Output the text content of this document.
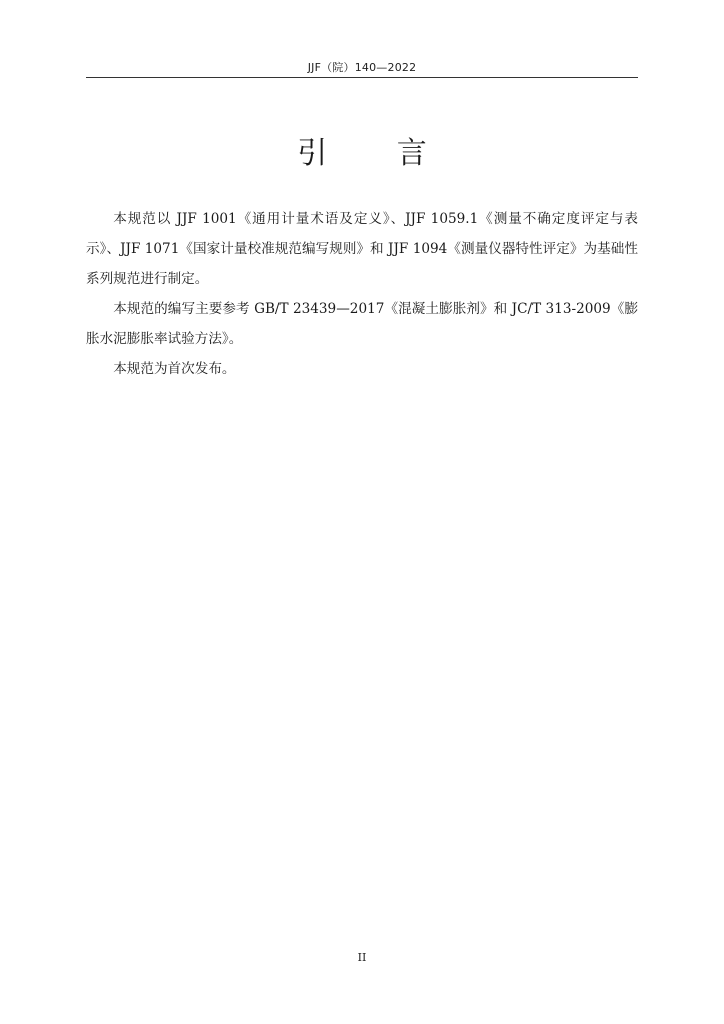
JJF（院）140—2022
引 言

本规范以 JJF 1001《通用计量术语及定义》、JJF 1059.1《测量不确定度评定与表示》、JJF 1071《国家计量校准规范编写规则》和 JJF 1094《测量仪器特性评定》为基础性系列规范进行制定。

本规范的编写主要参考 GB/T 23439—2017《混凝土膨胀剂》和 JC/T 313-2009《膨胀水泥膨胀率试验方法》。

本规范为首次发布。

II
